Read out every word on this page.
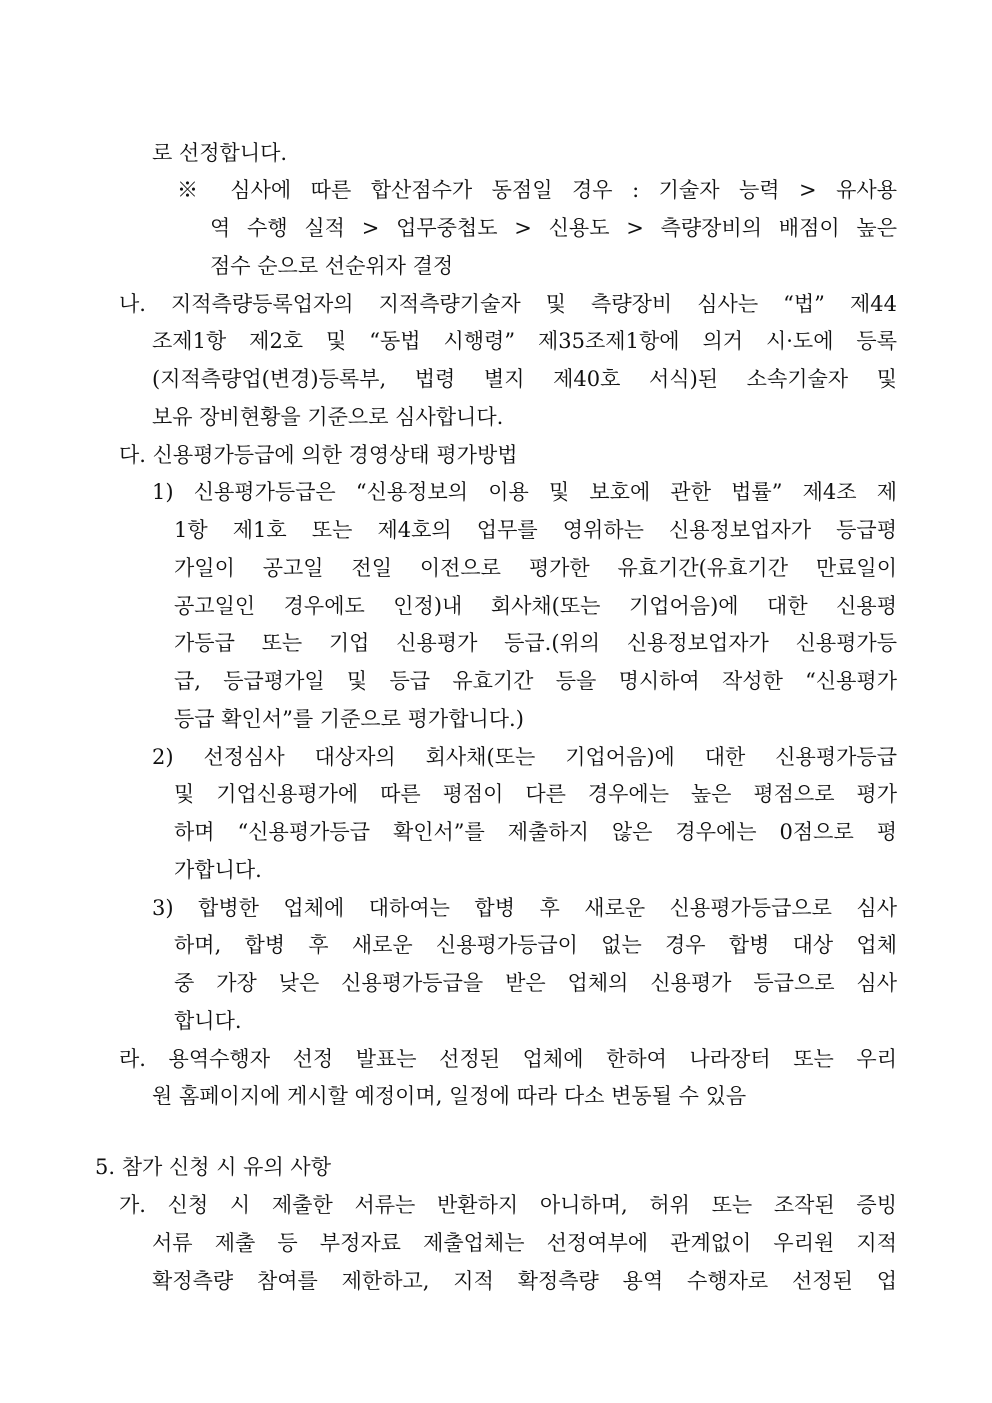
로 선정합니다.
※ 심사에 따른 합산점수가 동점일 경우 : 기술자 능력 > 유사용
역 수행 실적 > 업무중첩도 > 신용도 > 측량장비의 배점이 높은
점수 순으로 선순위자 결정
나. 지적측량등록업자의 지적측량기술자 및 측량장비 심사는 “법” 제44
조제1항 제2호 및 “동법 시행령” 제35조제1항에 의거 시·도에 등록
(지적측량업(변경)등록부, 법령 별지 제40호 서식)된 소속기술자 및
보유 장비현황을 기준으로 심사합니다.
다. 신용평가등급에 의한 경영상태 평가방법
1) 신용평가등급은 “신용정보의 이용 및 보호에 관한 법률” 제4조 제
1항 제1호 또는 제4호의 업무를 영위하는 신용정보업자가 등급평
가일이 공고일 전일 이전으로 평가한 유효기간(유효기간 만료일이
공고일인 경우에도 인정)내 회사채(또는 기업어음)에 대한 신용평
가등급 또는 기업 신용평가 등급.(위의 신용정보업자가 신용평가등
급, 등급평가일 및 등급 유효기간 등을 명시하여 작성한 “신용평가
등급 확인서”를 기준으로 평가합니다.)
2) 선정심사 대상자의 회사채(또는 기업어음)에 대한 신용평가등급
및 기업신용평가에 따른 평점이 다른 경우에는 높은 평점으로 평가
하며 “신용평가등급 확인서”를 제출하지 않은 경우에는 0점으로 평
가합니다.
3) 합병한 업체에 대하여는 합병 후 새로운 신용평가등급으로 심사
하며, 합병 후 새로운 신용평가등급이 없는 경우 합병 대상 업체
중 가장 낮은 신용평가등급을 받은 업체의 신용평가 등급으로 심사
합니다.
라. 용역수행자 선정 발표는 선정된 업체에 한하여 나라장터 또는 우리
원 홈페이지에 게시할 예정이며, 일정에 따라 다소 변동될 수 있음
5. 참가 신청 시 유의 사항
가. 신청 시 제출한 서류는 반환하지 아니하며, 허위 또는 조작된 증빙
서류 제출 등 부정자료 제출업체는 선정여부에 관계없이 우리원 지적
확정측량 참여를 제한하고, 지적 확정측량 용역 수행자로 선정된 업
